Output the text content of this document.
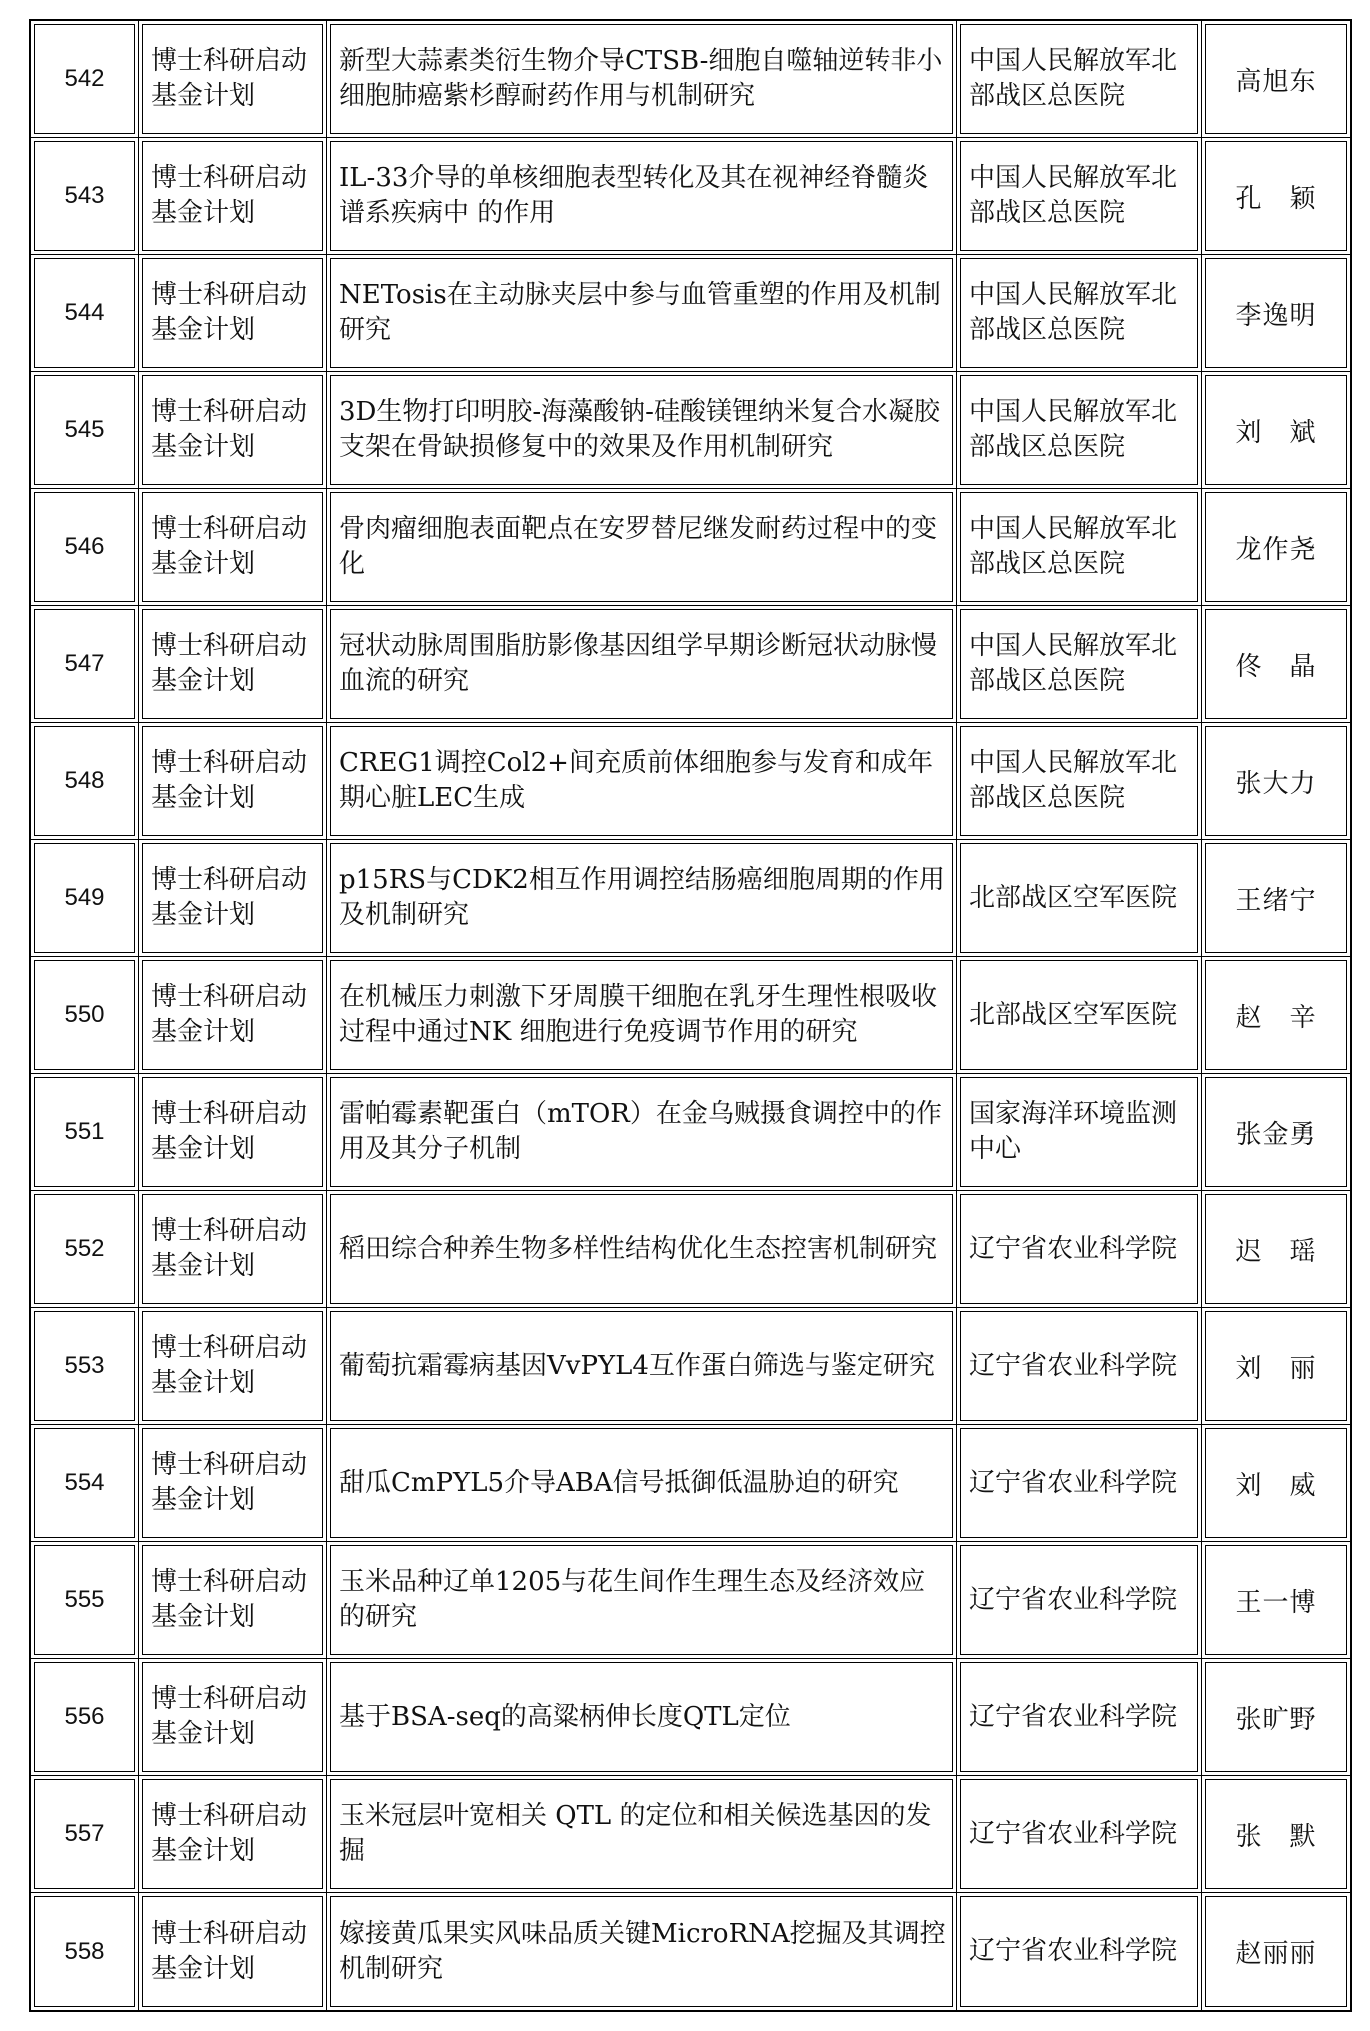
542	博士科研启动基金计划	新型大蒜素类衍生物介导CTSB-细胞自噬轴逆转非小细胞肺癌紫杉醇耐药作用与机制研究	中国人民解放军北部战区总医院	高旭东

543	博士科研启动基金计划	IL-33介导的单核细胞表型转化及其在视神经脊髓炎谱系疾病中 的作用	中国人民解放军北部战区总医院	孔　颖

544	博士科研启动基金计划	NETosis在主动脉夹层中参与血管重塑的作用及机制研究	中国人民解放军北部战区总医院	李逸明

545	博士科研启动基金计划	3D生物打印明胶-海藻酸钠-硅酸镁锂纳米复合水凝胶支架在骨缺损修复中的效果及作用机制研究	中国人民解放军北部战区总医院	刘　斌

546	博士科研启动基金计划	骨肉瘤细胞表面靶点在安罗替尼继发耐药过程中的变化	中国人民解放军北部战区总医院	龙作尧

547	博士科研启动基金计划	冠状动脉周围脂肪影像基因组学早期诊断冠状动脉慢血流的研究	中国人民解放军北部战区总医院	佟　晶

548	博士科研启动基金计划	CREG1调控Col2+间充质前体细胞参与发育和成年期心脏LEC生成	中国人民解放军北部战区总医院	张大力

549	博士科研启动基金计划	p15RS与CDK2相互作用调控结肠癌细胞周期的作用及机制研究	北部战区空军医院	王绪宁

550	博士科研启动基金计划	在机械压力刺激下牙周膜干细胞在乳牙生理性根吸收过程中通过NK 细胞进行免疫调节作用的研究	北部战区空军医院	赵　辛

551	博士科研启动基金计划	雷帕霉素靶蛋白（mTOR）在金乌贼摄食调控中的作用及其分子机制	国家海洋环境监测中心	张金勇

552	博士科研启动基金计划	稻田综合种养生物多样性结构优化生态控害机制研究	辽宁省农业科学院	迟　瑶

553	博士科研启动基金计划	葡萄抗霜霉病基因VvPYL4互作蛋白筛选与鉴定研究	辽宁省农业科学院	刘　丽

554	博士科研启动基金计划	甜瓜CmPYL5介导ABA信号抵御低温胁迫的研究	辽宁省农业科学院	刘　威

555	博士科研启动基金计划	玉米品种辽单1205与花生间作生理生态及经济效应的研究	辽宁省农业科学院	王一博

556	博士科研启动基金计划	基于BSA-seq的高粱柄伸长度QTL定位	辽宁省农业科学院	张旷野

557	博士科研启动基金计划	玉米冠层叶宽相关 QTL 的定位和相关候选基因的发掘	辽宁省农业科学院	张　默

558	博士科研启动基金计划	嫁接黄瓜果实风味品质关键MicroRNA挖掘及其调控机制研究	辽宁省农业科学院	赵丽丽
